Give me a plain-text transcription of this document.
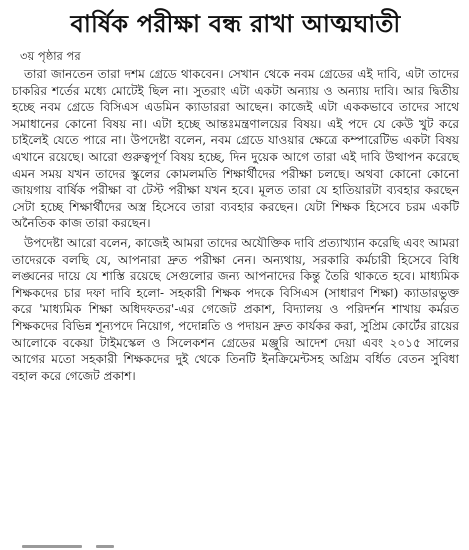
বার্ষিক পরীক্ষা বন্ধ রাখা আত্মঘাতী
৩য় পৃষ্ঠার পর

তারা জানতেন তারা দশম গ্রেডে থাকবেন। সেখান থেকে নবম গ্রেডের এই দাবি, এটা তাদের চাকরির শর্তের মধ্যে মোটেই ছিল না। সুতরাং এটা একটা অন্যায় ও অন্যায় দাবি। আর দ্বিতীয় হচ্ছে নবম গ্রেডে বিসিএস এডমিন ক্যাডাররা আছেন। কাজেই এটা এককভাবে তাদের সাথে সমাধানের কোনো বিষয় না। এটা হচ্ছে আন্তঃমন্ত্রণালয়ের বিষয়। এই পদে যে কেউ খুট করে চাইলেই যেতে পারে না। উপদেষ্টা বলেন, নবম গ্রেডে যাওয়ার ক্ষেত্রে কম্পারেটিভ একটা বিষয় এখানে রয়েছে। আরো গুরুত্বপূর্ণ বিষয় হচ্ছে, দিন দুয়েক আগে তারা এই দাবি উত্থাপন করেছে এমন সময় যখন তাদের স্কুলের কোমলমতি শিক্ষার্থীদের পরীক্ষা চলছে। অথবা কোনো কোনো জায়গায় বার্ষিক পরীক্ষা বা টেস্ট পরীক্ষা যখন হবে। মূলত তারা যে হাতিয়ারটা ব্যবহার করছেন সেটা হচ্ছে শিক্ষার্থীদের অস্ত্র হিসেবে তারা ব্যবহার করছেন। যেটা শিক্ষক হিসেবে চরম একটি অনৈতিক কাজ তারা করছেন।

উপদেষ্টা আরো বলেন, কাজেই আমরা তাদের অযৌক্তিক দাবি প্রত্যাখ্যান করেছি এবং আমরা তাদেরকে বলছি যে, আপনারা দ্রুত পরীক্ষা নেন। অন্যথায়, সরকারি কর্মচারী হিসেবে বিধি লঙ্ঘনের দায়ে যে শাস্তি রয়েছে সেগুলোর জন্য আপনাদের কিন্তু তৈরি থাকতে হবে। মাধ্যমিক শিক্ষকদের চার দফা দাবি হলো- সহকারী শিক্ষক পদকে বিসিএস (সাধারণ শিক্ষা) ক্যাডারভুক্ত করে 'মাধ্যমিক শিক্ষা অধিদফতর'-এর গেজেট প্রকাশ, বিদ্যালয় ও পরিদর্শন শাখায় কর্মরত শিক্ষকদের বিভিন্ন শূন্যপদে নিয়োগ, পদোন্নতি ও পদায়ন দ্রুত কার্যকর করা, সুপ্রিম কোর্টের রায়ের আলোকে বকেয়া টাইমস্কেল ও সিলেকশন গ্রেডের মঞ্জুরি আদেশ দেয়া এবং ২০১৫ সালের আগের মতো সহকারী শিক্ষকদের দুই থেকে তিনটি ইনক্রিমেন্টসহ অগ্রিম বর্ধিত বেতন সুবিধা বহাল করে গেজেট প্রকাশ।
